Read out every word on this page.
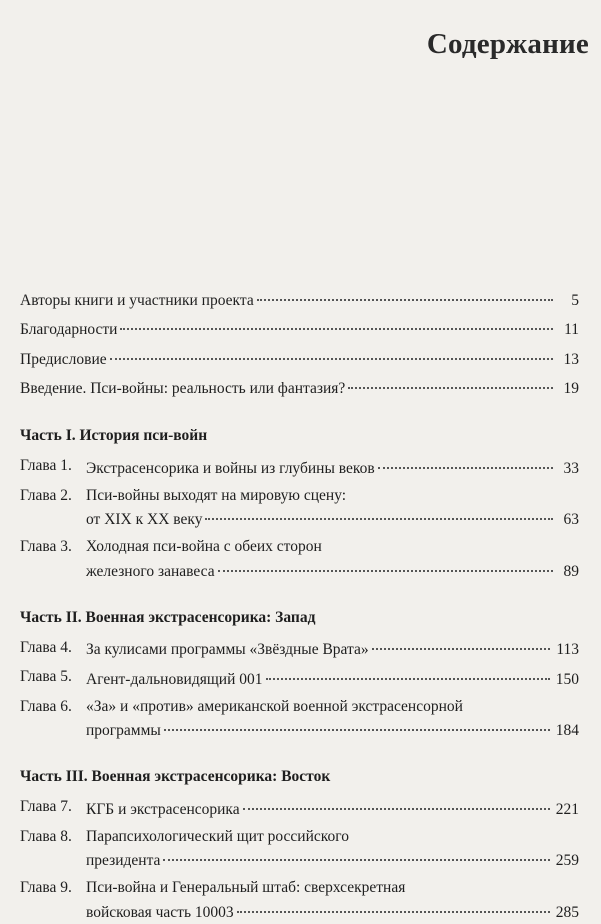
Содержание
Авторы книги и участники проекта	5
Благодарности	11
Предисловие	13
Введение. Пси-войны: реальность или фантазия?	19
Часть I. История пси-войн
Глава 1. Экстрасенсорика и войны из глубины веков	33
Глава 2. Пси-войны выходят на мировую сцену:
от XIX к XX веку	63
Глава 3. Холодная пси-война с обеих сторон
железного занавеса	89
Часть II. Военная экстрасенсорика: Запад
Глава 4. За кулисами программы «Звёздные Врата»	113
Глава 5. Агент-дальновидящий 001	150
Глава 6. «За» и «против» американской военной экстрасенсорной
программы	184
Часть III. Военная экстрасенсорика: Восток
Глава 7. КГБ и экстрасенсорика	221
Глава 8. Парапсихологический щит российского
президента	259
Глава 9. Пси-война и Генеральный штаб: сверхсекретная
войсковая часть 10003	285
